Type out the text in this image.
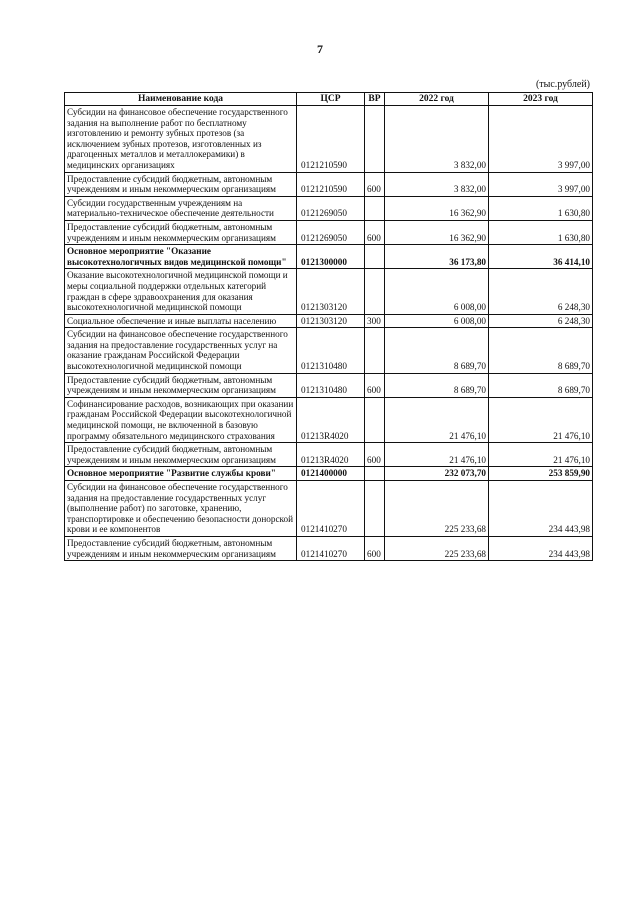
7
(тыс.рублей)
Наименование кода	ЦСР	ВР	2022 год	2023 год
Субсидии на финансовое обеспечение государственного задания на выполнение работ по бесплатному изготовлению и ремонту зубных протезов (за исключением зубных протезов, изготовленных из драгоценных металлов и металлокерамики) в медицинских организациях	0121210590		3 832,00	3 997,00
Предоставление субсидий бюджетным, автономным учреждениям и иным некоммерческим организациям	0121210590	600	3 832,00	3 997,00
Субсидии государственным учреждениям на материально-техническое обеспечение деятельности	0121269050		16 362,90	1 630,80
Предоставление субсидий бюджетным, автономным учреждениям и иным некоммерческим организациям	0121269050	600	16 362,90	1 630,80
Основное мероприятие "Оказание высокотехнологичных видов медицинской помощи"	0121300000		36 173,80	36 414,10
Оказание высокотехнологичной медицинской помощи и меры социальной поддержки отдельных категорий граждан в сфере здравоохранения для оказания высокотехнологичной медицинской помощи	0121303120		6 008,00	6 248,30
Социальное обеспечение и иные выплаты населению	0121303120	300	6 008,00	6 248,30
Субсидии на финансовое обеспечение государственного задания на предоставление государственных услуг на оказание гражданам Российской Федерации высокотехнологичной медицинской помощи	0121310480		8 689,70	8 689,70
Предоставление субсидий бюджетным, автономным учреждениям и иным некоммерческим организациям	0121310480	600	8 689,70	8 689,70
Софинансирование расходов, возникающих при оказании гражданам Российской Федерации высокотехнологичной медицинской помощи, не включенной в базовую программу обязательного медицинского страхования	01213R4020		21 476,10	21 476,10
Предоставление субсидий бюджетным, автономным учреждениям и иным некоммерческим организациям	01213R4020	600	21 476,10	21 476,10
Основное мероприятие "Развитие службы крови"	0121400000		232 073,70	253 859,90
Субсидии на финансовое обеспечение государственного задания на предоставление государственных услуг (выполнение работ) по заготовке, хранению, транспортировке и обеспечению безопасности донорской крови и ее компонентов	0121410270		225 233,68	234 443,98
Предоставление субсидий бюджетным, автономным учреждениям и иным некоммерческим организациям	0121410270	600	225 233,68	234 443,98
